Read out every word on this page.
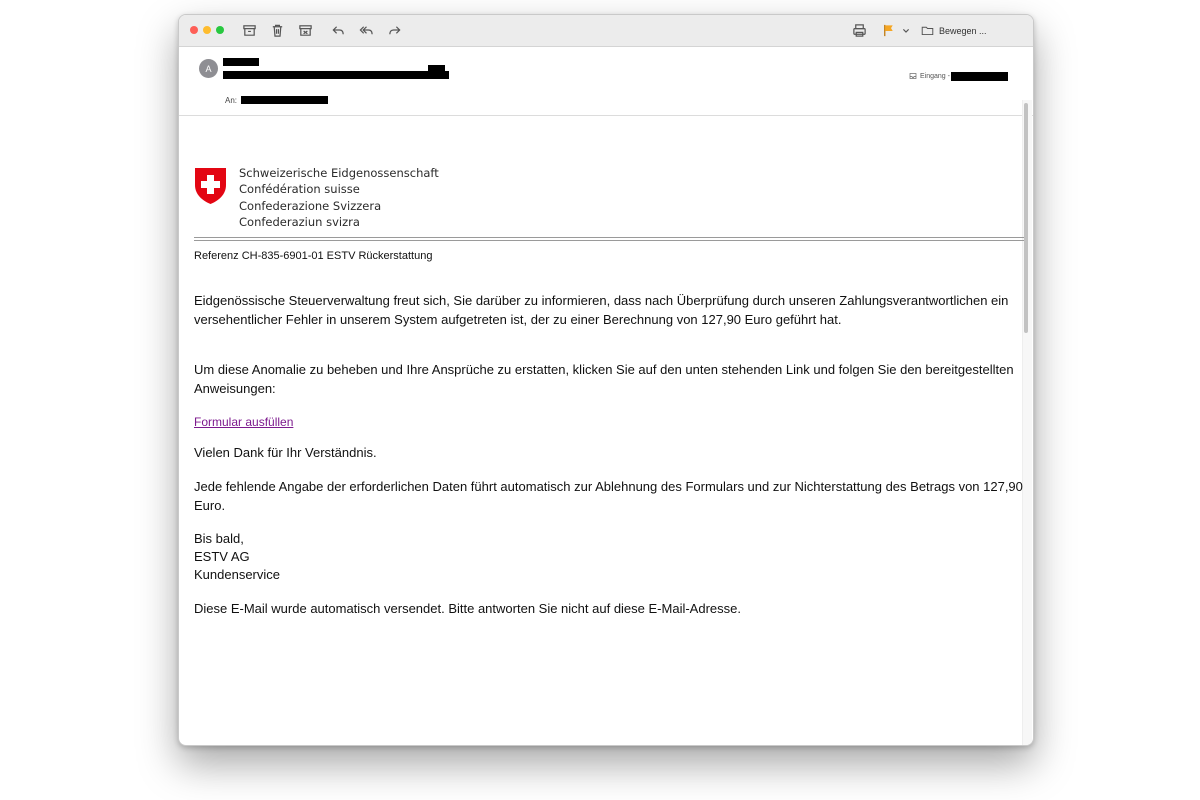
Bewegen ...
A
An:
Eingang -
Schweizerische Eidgenossenschaft
Confédération suisse
Confederazione Svizzera
Confederaziun svizra
Referenz CH-835-6901-01 ESTV Rückerstattung

Eidgenössische Steuerverwaltung freut sich, Sie darüber zu informieren, dass nach Überprüfung durch unseren Zahlungsverantwortlichen ein versehentlicher Fehler in unserem System aufgetreten ist, der zu einer Berechnung von 127,90 Euro geführt hat.

Um diese Anomalie zu beheben und Ihre Ansprüche zu erstatten, klicken Sie auf den unten stehenden Link und folgen Sie den bereitgestellten Anweisungen:

Formular ausfüllen

Vielen Dank für Ihr Verständnis.

Jede fehlende Angabe der erforderlichen Daten führt automatisch zur Ablehnung des Formulars und zur Nichterstattung des Betrags von 127,90 Euro.

Bis bald,

ESTV AG

Kundenservice

Diese E-Mail wurde automatisch versendet. Bitte antworten Sie nicht auf diese E-Mail-Adresse.
